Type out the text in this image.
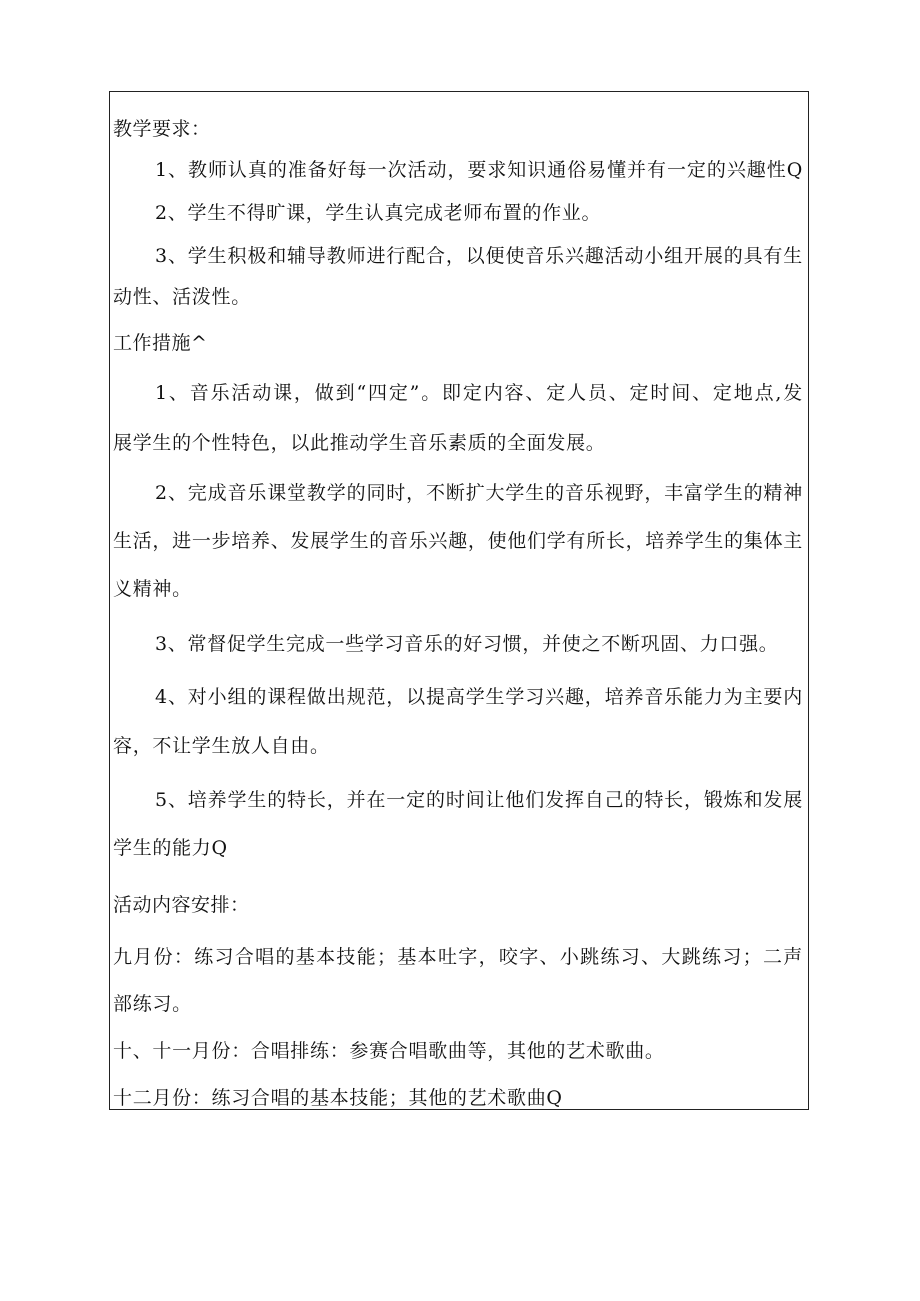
教学要求：
1、教师认真的准备好每一次活动，要求知识通俗易懂并有一定的兴趣性Q
2、学生不得旷课，学生认真完成老师布置的作业。
3、学生积极和辅导教师进行配合，以便使音乐兴趣活动小组开展的具有生
动性、活泼性。
工作措施^
1、音乐活动课，做到“四定”。即定内容、定人员、定时间、定地点,发
展学生的个性特色，以此推动学生音乐素质的全面发展。
2、完成音乐课堂教学的同时，不断扩大学生的音乐视野，丰富学生的精神
生活，进一步培养、发展学生的音乐兴趣，使他们学有所长，培养学生的集体主
义精神。
3、常督促学生完成一些学习音乐的好习惯，并使之不断巩固、力口强。
4、对小组的课程做出规范，以提高学生学习兴趣，培养音乐能力为主要内
容，不让学生放人自由。
5、培养学生的特长，并在一定的时间让他们发挥自己的特长，锻炼和发展
学生的能力Q
活动内容安排：
九月份：练习合唱的基本技能；基本吐字，咬字、小跳练习、大跳练习；二声
部练习。
十、十一月份：合唱排练：参赛合唱歌曲等，其他的艺术歌曲。
十二月份：练习合唱的基本技能；其他的艺术歌曲Q
